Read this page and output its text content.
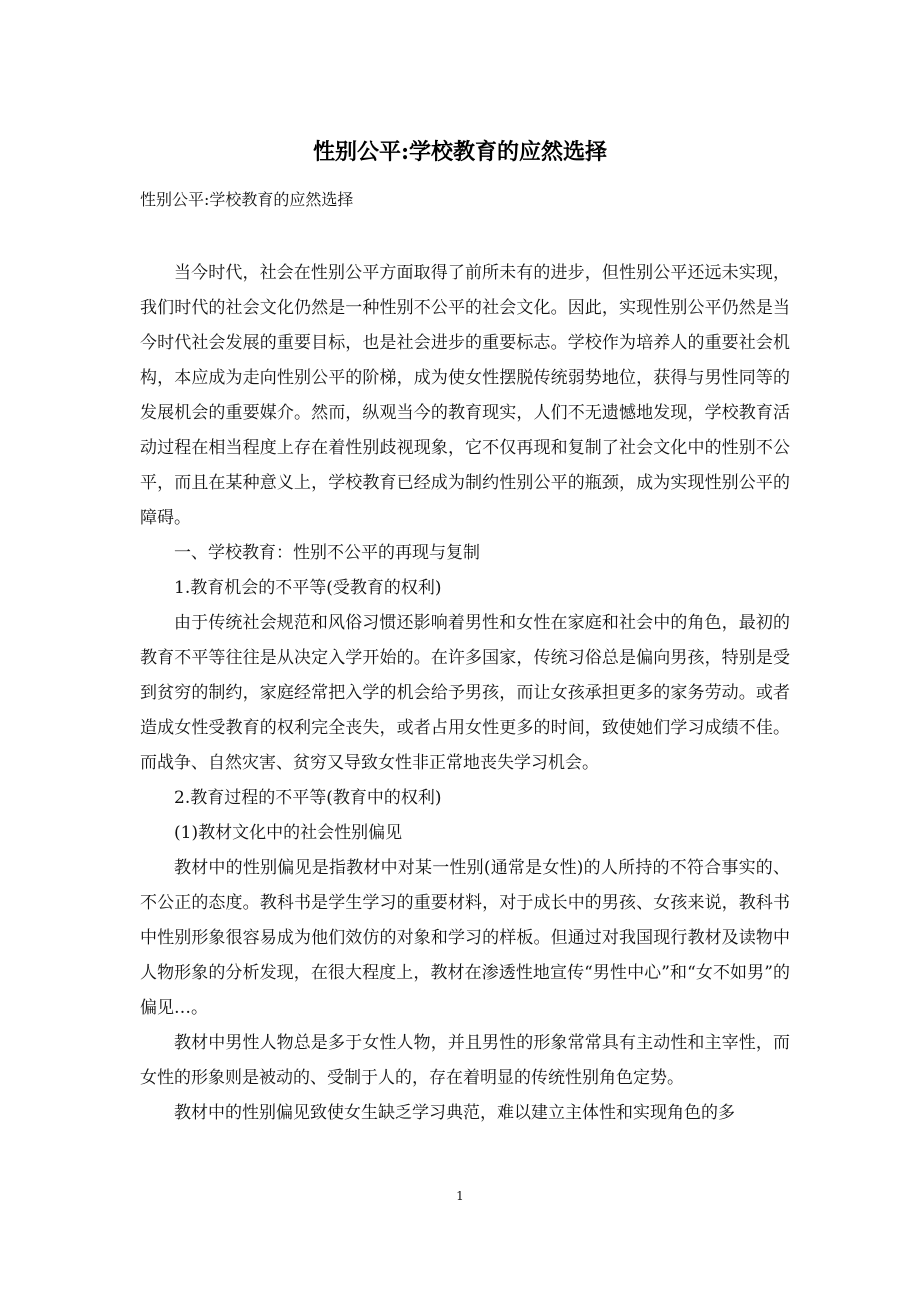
性别公平:学校教育的应然选择
性别公平:学校教育的应然选择

当今时代，社会在性别公平方面取得了前所未有的进步，但性别公平还远未实现，我们时代的社会文化仍然是一种性别不公平的社会文化。因此，实现性别公平仍然是当今时代社会发展的重要目标，也是社会进步的重要标志。学校作为培养人的重要社会机构，本应成为走向性别公平的阶梯，成为使女性摆脱传统弱势地位，获得与男性同等的发展机会的重要媒介。然而，纵观当今的教育现实，人们不无遗憾地发现，学校教育活动过程在相当程度上存在着性别歧视现象，它不仅再现和复制了社会文化中的性别不公平，而且在某种意义上，学校教育已经成为制约性别公平的瓶颈，成为实现性别公平的障碍。

一、学校教育：性别不公平的再现与复制

1.教育机会的不平等(受教育的权利)

由于传统社会规范和风俗习惯还影响着男性和女性在家庭和社会中的角色，最初的教育不平等往往是从决定入学开始的。在许多国家，传统习俗总是偏向男孩，特别是受到贫穷的制约，家庭经常把入学的机会给予男孩，而让女孩承担更多的家务劳动。或者造成女性受教育的权利完全丧失，或者占用女性更多的时间，致使她们学习成绩不佳。而战争、自然灾害、贫穷又导致女性非正常地丧失学习机会。

2.教育过程的不平等(教育中的权利)

(1)教材文化中的社会性别偏见

教材中的性别偏见是指教材中对某一性别(通常是女性)的人所持的不符合事实的、不公正的态度。教科书是学生学习的重要材料，对于成长中的男孩、女孩来说，教科书中性别形象很容易成为他们效仿的对象和学习的样板。但通过对我国现行教材及读物中人物形象的分析发现，在很大程度上，教材在渗透性地宣传“男性中心”和“女不如男”的偏见…。

教材中男性人物总是多于女性人物，并且男性的形象常常具有主动性和主宰性，而女性的形象则是被动的、受制于人的，存在着明显的传统性别角色定势。

教材中的性别偏见致使女生缺乏学习典范，难以建立主体性和实现角色的多

1
